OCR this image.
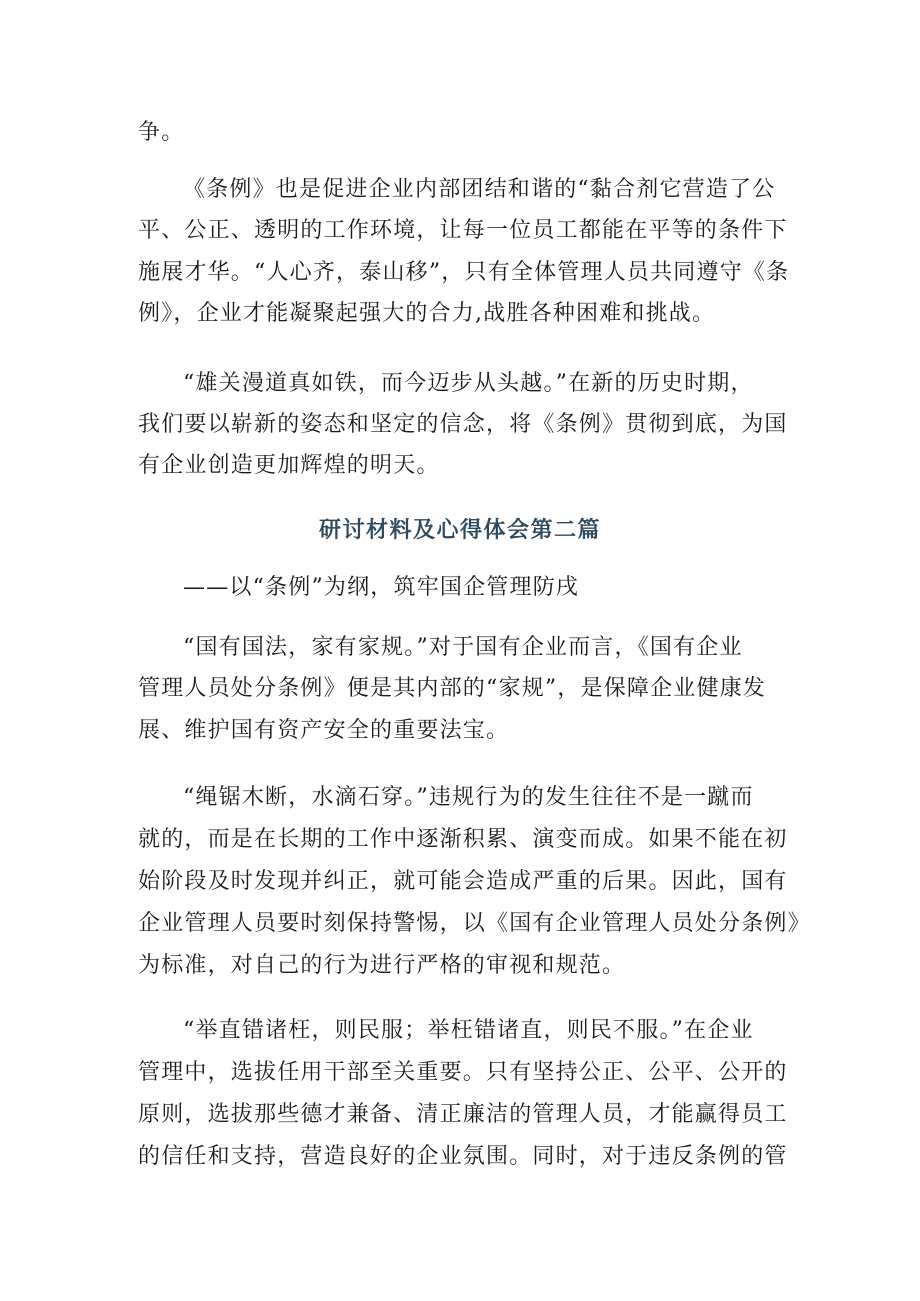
争。
《条例》也是促进企业内部团结和谐的“黏合剂它营造了公
平、公正、透明的工作环境，让每一位员工都能在平等的条件下
施展才华。“人心齐，泰山移”，只有全体管理人员共同遵守《条
例》，企业才能凝聚起强大的合力,战胜各种困难和挑战。
“雄关漫道真如铁，而今迈步从头越。”在新的历史时期，
我们要以崭新的姿态和坚定的信念，将《条例》贯彻到底，为国
有企业创造更加辉煌的明天。
研讨材料及心得体会第二篇
——以“条例”为纲，筑牢国企管理防戌
“国有国法，家有家规。”对于国有企业而言，《国有企业
管理人员处分条例》便是其内部的“家规”，是保障企业健康发
展、维护国有资产安全的重要法宝。
“绳锯木断，水滴石穿。”违规行为的发生往往不是一蹴而
就的，而是在长期的工作中逐渐积累、演变而成。如果不能在初
始阶段及时发现并纠正，就可能会造成严重的后果。因此，国有
企业管理人员要时刻保持警惕，以《国有企业管理人员处分条例》
为标准，对自己的行为进行严格的审视和规范。
“举直错诸枉，则民服；举枉错诸直，则民不服。”在企业
管理中，选拔任用干部至关重要。只有坚持公正、公平、公开的
原则，选拔那些德才兼备、清正廉洁的管理人员，才能赢得员工
的信任和支持，营造良好的企业氛围。同时，对于违反条例的管
